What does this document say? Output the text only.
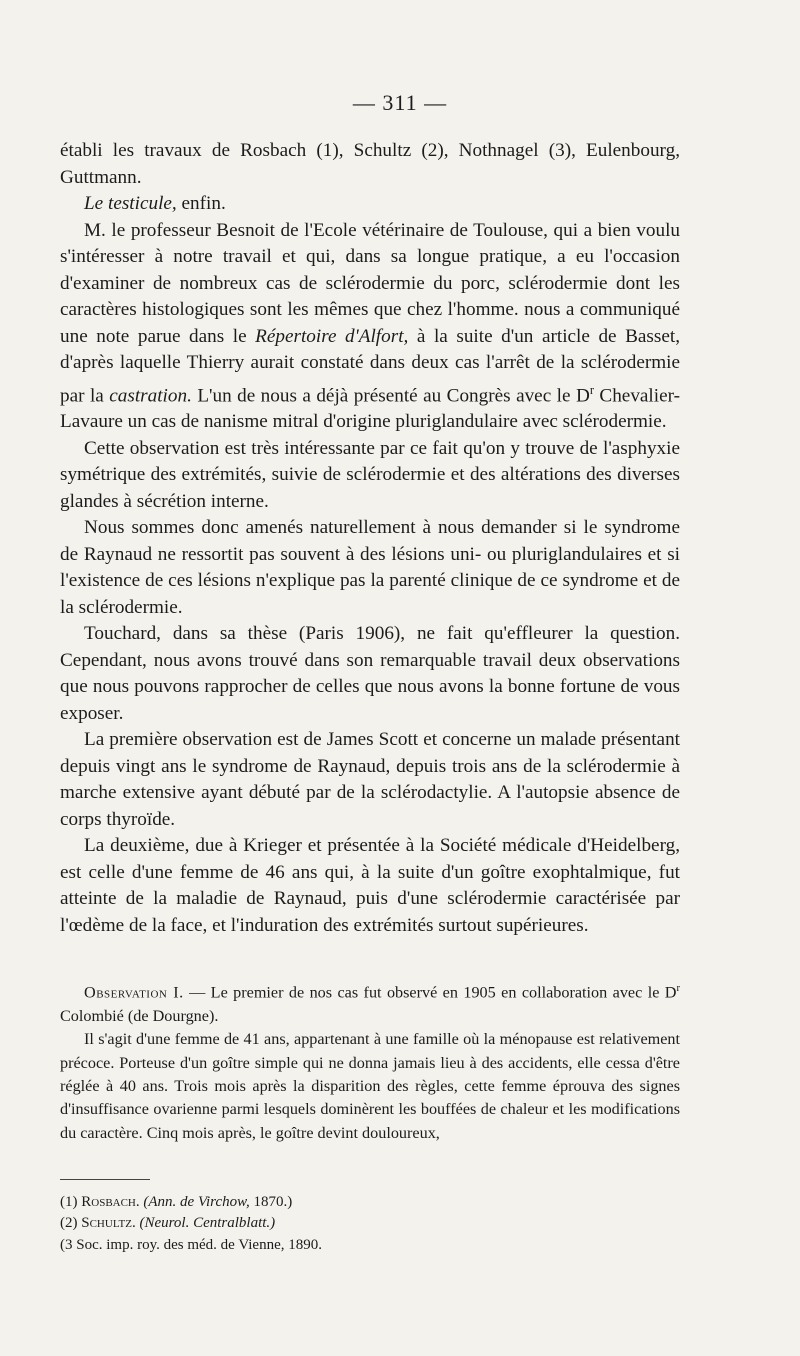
— 311 —

établi les travaux de Rosbach (1), Schultz (2), Nothnagel (3), Eulenbourg, Guttmann.

Le testicule, enfin.

M. le professeur Besnoit de l'Ecole vétérinaire de Toulouse, qui a bien voulu s'intéresser à notre travail et qui, dans sa longue pratique, a eu l'occasion d'examiner de nombreux cas de sclérodermie du porc, sclérodermie dont les caractères histologiques sont les mêmes que chez l'homme. nous a communiqué une note parue dans le Répertoire d'Alfort, à la suite d'un article de Basset, d'après laquelle Thierry aurait constaté dans deux cas l'arrêt de la sclérodermie par la castration. L'un de nous a déjà présenté au Congrès avec le $D^r$ Chevalier-Lavaure un cas de nanisme mitral d'origine pluriglandulaire avec sclérodermie.

Cette observation est très intéressante par ce fait qu'on y trouve de l'asphyxie symétrique des extrémités, suivie de sclérodermie et des altérations des diverses glandes à sécrétion interne.

Nous sommes donc amenés naturellement à nous demander si le syndrome de Raynaud ne ressortit pas souvent à des lésions uni- ou pluriglandulaires et si l'existence de ces lésions n'explique pas la parenté clinique de ce syndrome et de la sclérodermie.

Touchard, dans sa thèse (Paris 1906), ne fait qu'effleurer la question. Cependant, nous avons trouvé dans son remarquable travail deux observations que nous pouvons rapprocher de celles que nous avons la bonne fortune de vous exposer.

La première observation est de James Scott et concerne un malade présentant depuis vingt ans le syndrome de Raynaud, depuis trois ans de la sclérodermie à marche extensive ayant débuté par de la sclérodactylie. A l'autopsie absence de corps thyroïde.

La deuxième, due à Krieger et présentée à la Société médicale d'Heidelberg, est celle d'une femme de 46 ans qui, à la suite d'un goître exophtalmique, fut atteinte de la maladie de Raynaud, puis d'une sclérodermie caractérisée par l'œdème de la face, et l'induration des extrémités surtout supérieures.

Observation I. — Le premier de nos cas fut observé en 1905 en collaboration avec le $D^r$ Colombié (de Dourgne).

Il s'agit d'une femme de 41 ans, appartenant à une famille où la ménopause est relativement précoce. Porteuse d'un goître simple qui ne donna jamais lieu à des accidents, elle cessa d'être réglée à 40 ans. Trois mois après la disparition des règles, cette femme éprouva des signes d'insuffisance ovarienne parmi lesquels dominèrent les bouffées de chaleur et les modifications du caractère. Cinq mois après, le goître devint douloureux,

(1) Rosbach. (Ann. de Virchow, 1870.)

(2) Schultz. (Neurol. Centralblatt.)

(3 Soc. imp. roy. des méd. de Vienne, 1890.
